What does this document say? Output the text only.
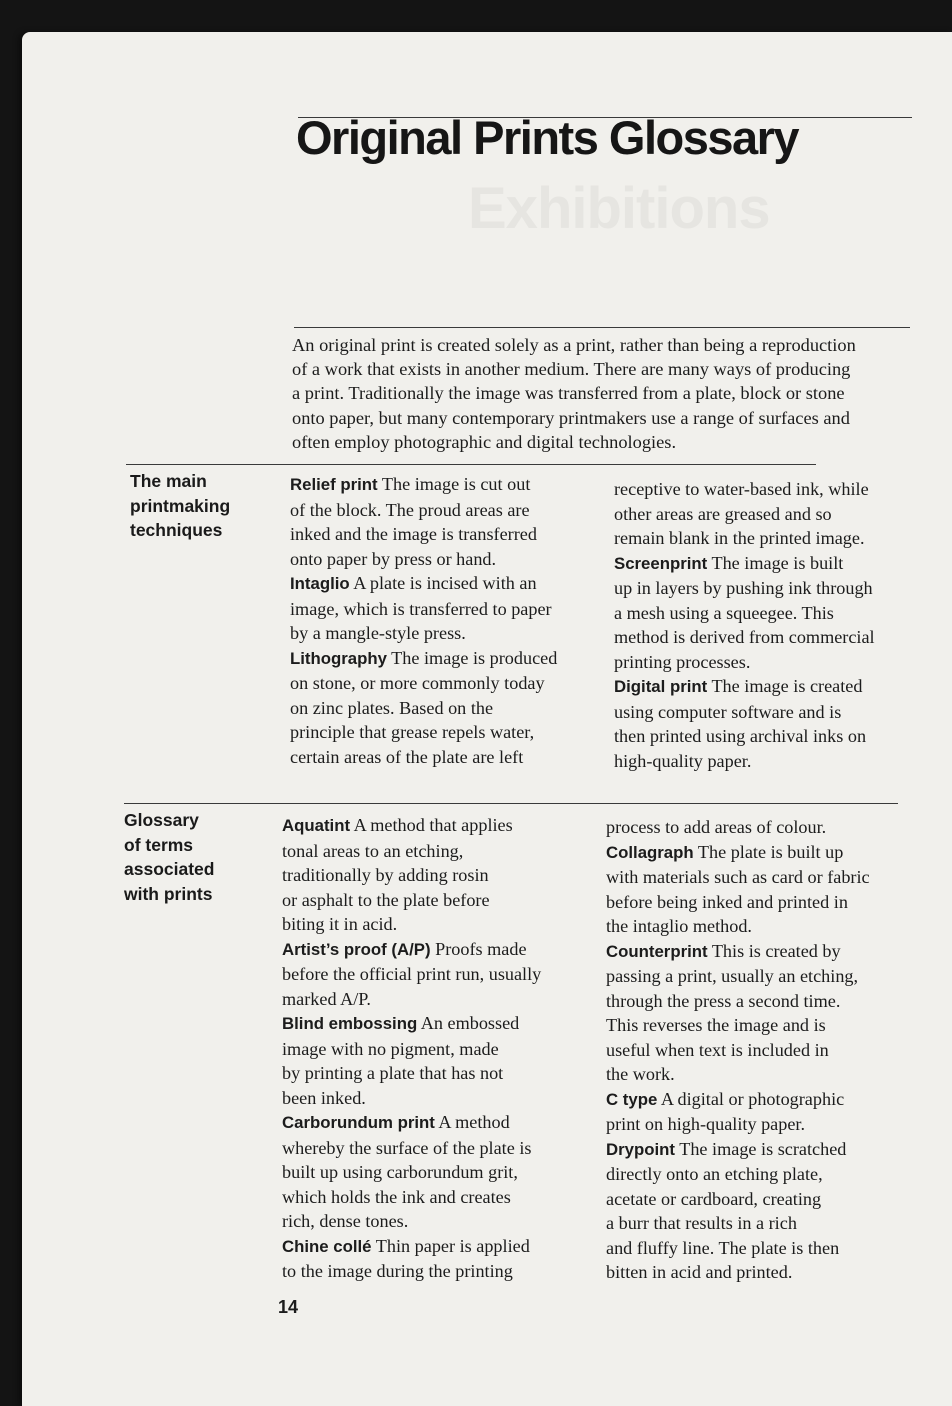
Exhibitions
Original Prints Glossary

An original print is created solely as a print, rather than being a reproduction
of a work that exists in another medium. There are many ways of producing
a print. Traditionally the image was transferred from a plate, block or stone
onto paper, but many contemporary printmakers use a range of surfaces and
often employ photographic and digital technologies.

The main
printmaking
techniques

Relief print The image is cut out
of the block. The proud areas are
inked and the image is transferred
onto paper by press or hand.
Intaglio A plate is incised with an
image, which is transferred to paper
by a mangle-style press.
Lithography The image is produced
on stone, or more commonly today
on zinc plates. Based on the
principle that grease repels water,
certain areas of the plate are left

receptive to water-based ink, while
other areas are greased and so
remain blank in the printed image.
Screenprint The image is built
up in layers by pushing ink through
a mesh using a squeegee. This
method is derived from commercial
printing processes.
Digital print The image is created
using computer software and is
then printed using archival inks on
high-quality paper.

Glossary
of terms
associated
with prints

Aquatint A method that applies
tonal areas to an etching,
traditionally by adding rosin
or asphalt to the plate before
biting it in acid.
Artist’s proof (A/P) Proofs made
before the official print run, usually
marked A/P.
Blind embossing An embossed
image with no pigment, made
by printing a plate that has not
been inked.
Carborundum print A method
whereby the surface of the plate is
built up using carborundum grit,
which holds the ink and creates
rich, dense tones.
Chine collé Thin paper is applied
to the image during the printing

process to add areas of colour.
Collagraph The plate is built up
with materials such as card or fabric
before being inked and printed in
the intaglio method.
Counterprint This is created by
passing a print, usually an etching,
through the press a second time.
This reverses the image and is
useful when text is included in
the work.
C type A digital or photographic
print on high-quality paper.
Drypoint The image is scratched
directly onto an etching plate,
acetate or cardboard, creating
a burr that results in a rich
and fluffy line. The plate is then
bitten in acid and printed.

14
